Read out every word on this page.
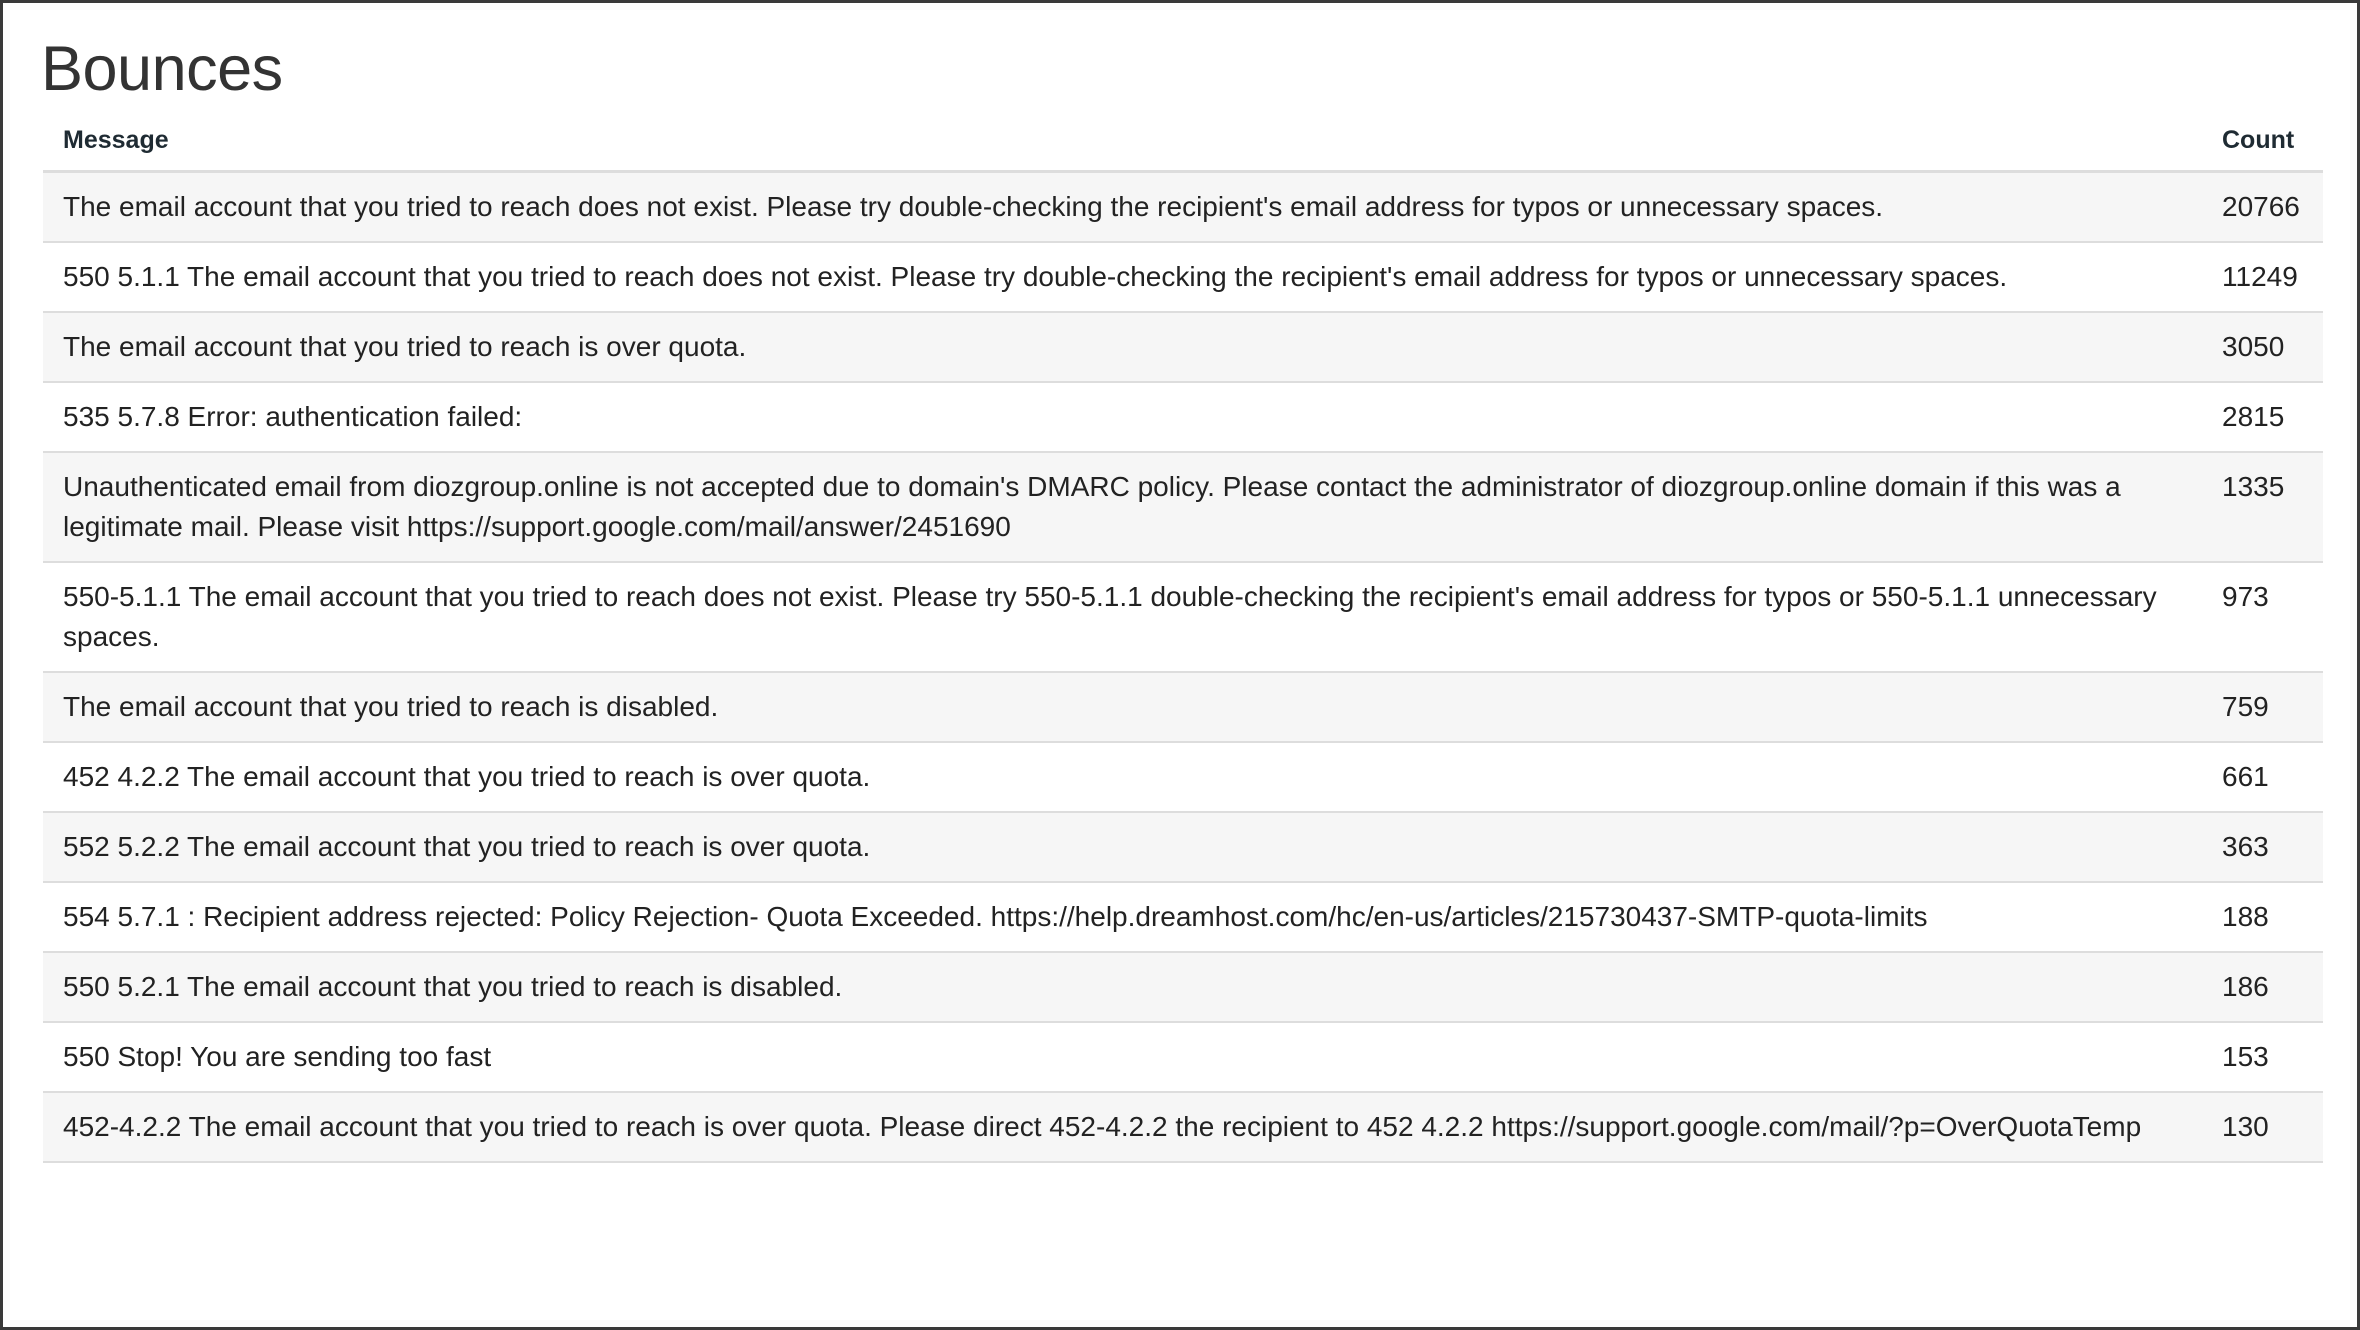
Bounces
Message	Count
The email account that you tried to reach does not exist. Please try double-checking the recipient's email address for typos or unnecessary spaces.	20766
550 5.1.1 The email account that you tried to reach does not exist. Please try double-checking the recipient's email address for typos or unnecessary spaces.	11249
The email account that you tried to reach is over quota.	3050
535 5.7.8 Error: authentication failed:	2815
Unauthenticated email from diozgroup.online is not accepted due to domain's DMARC policy. Please contact the administrator of diozgroup.online domain if this was a legitimate mail. Please visit https://support.google.com/mail/answer/2451690	1335
550-5.1.1 The email account that you tried to reach does not exist. Please try 550-5.1.1 double-checking the recipient's email address for typos or 550-5.1.1 unnecessary spaces.	973
The email account that you tried to reach is disabled.	759
452 4.2.2 The email account that you tried to reach is over quota.	661
552 5.2.2 The email account that you tried to reach is over quota.	363
554 5.7.1 : Recipient address rejected: Policy Rejection- Quota Exceeded. https://help.dreamhost.com/hc/en-us/articles/215730437-SMTP-quota-limits	188
550 5.2.1 The email account that you tried to reach is disabled.	186
550 Stop! You are sending too fast	153
452-4.2.2 The email account that you tried to reach is over quota. Please direct 452-4.2.2 the recipient to 452 4.2.2 https://support.google.com/mail/?p=OverQuotaTemp	130
